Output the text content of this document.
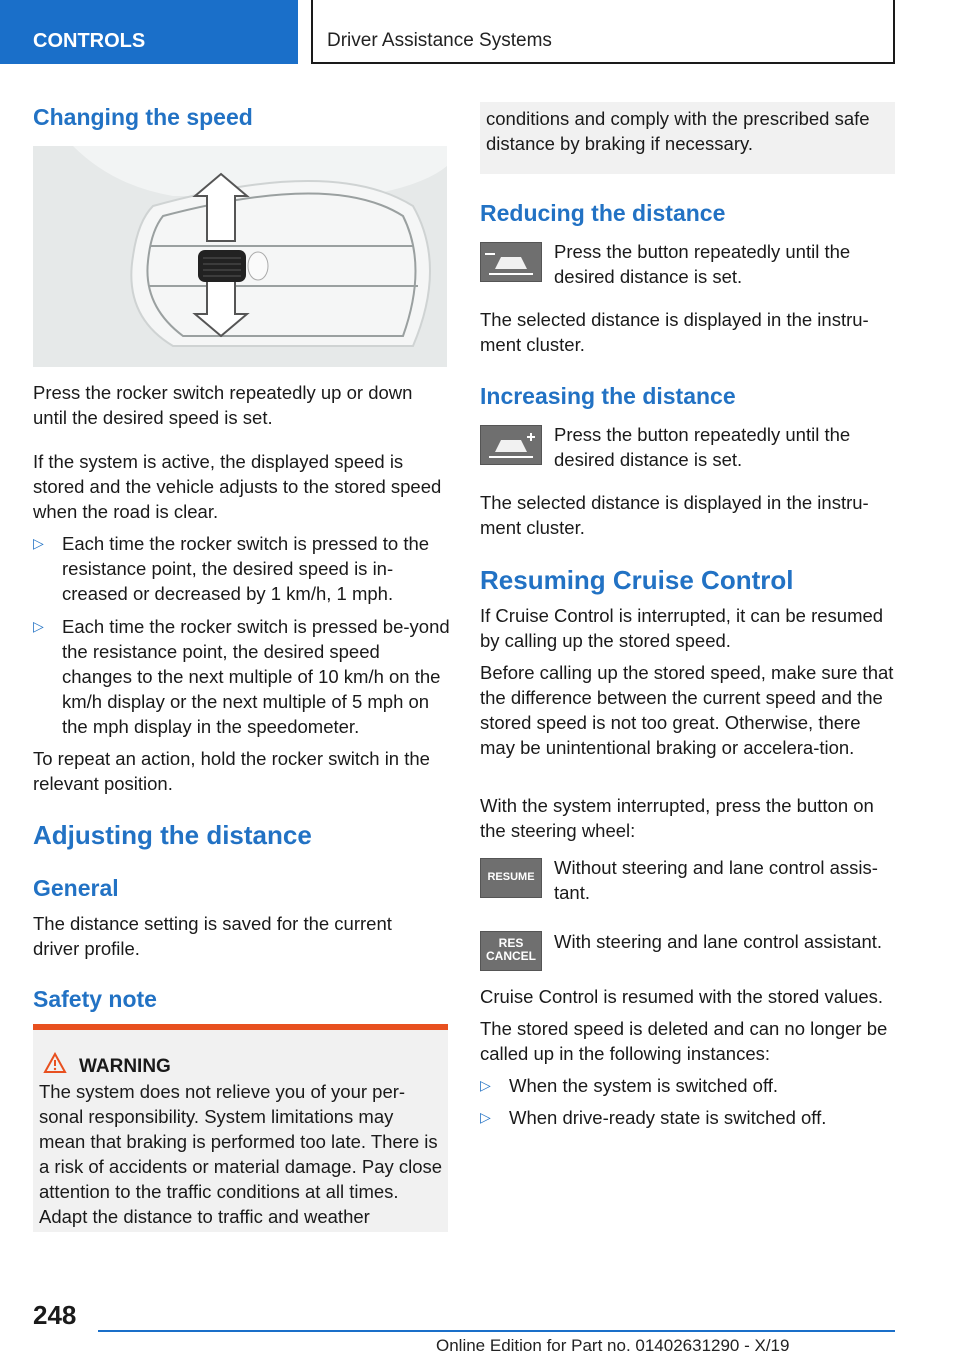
CONTROLS	Driver Assistance Systems
Changing the speed
Press the rocker switch repeatedly up or down until the desired speed is set.
If the system is active, the displayed speed is stored and the vehicle adjusts to the stored speed when the road is clear.
▷ Each time the rocker switch is pressed to the resistance point, the desired speed is in-creased or decreased by 1 km/h, 1 mph.
▷ Each time the rocker switch is pressed be-yond the resistance point, the desired speed changes to the next multiple of 10 km/h on the km/h display or the next multiple of 5 mph on the mph display in the speedometer.
To repeat an action, hold the rocker switch in the relevant position.
Adjusting the distance
General
The distance setting is saved for the current driver profile.
Safety note
WARNING
The system does not relieve you of your per-sonal responsibility. System limitations may mean that braking is performed too late. There is a risk of accidents or material damage. Pay close attention to the traffic conditions at all times. Adapt the distance to traffic and weather
conditions and comply with the prescribed safe distance by braking if necessary.
Reducing the distance
Press the button repeatedly until the desired distance is set.
The selected distance is displayed in the instru-ment cluster.
Increasing the distance
Press the button repeatedly until the desired distance is set.
The selected distance is displayed in the instru-ment cluster.
Resuming Cruise Control
If Cruise Control is interrupted, it can be resumed by calling up the stored speed.
Before calling up the stored speed, make sure that the difference between the current speed and the stored speed is not too great. Otherwise, there may be unintentional braking or accelera-tion.
With the system interrupted, press the button on the steering wheel:
RESUME	Without steering and lane control assis-tant.
RES
CANCEL
With steering and lane control assistant.
Cruise Control is resumed with the stored values.
The stored speed is deleted and can no longer be called up in the following instances:
▷ When the system is switched off.
▷ When drive-ready state is switched off.
248
Online Edition for Part no. 01402631290 - X/19
